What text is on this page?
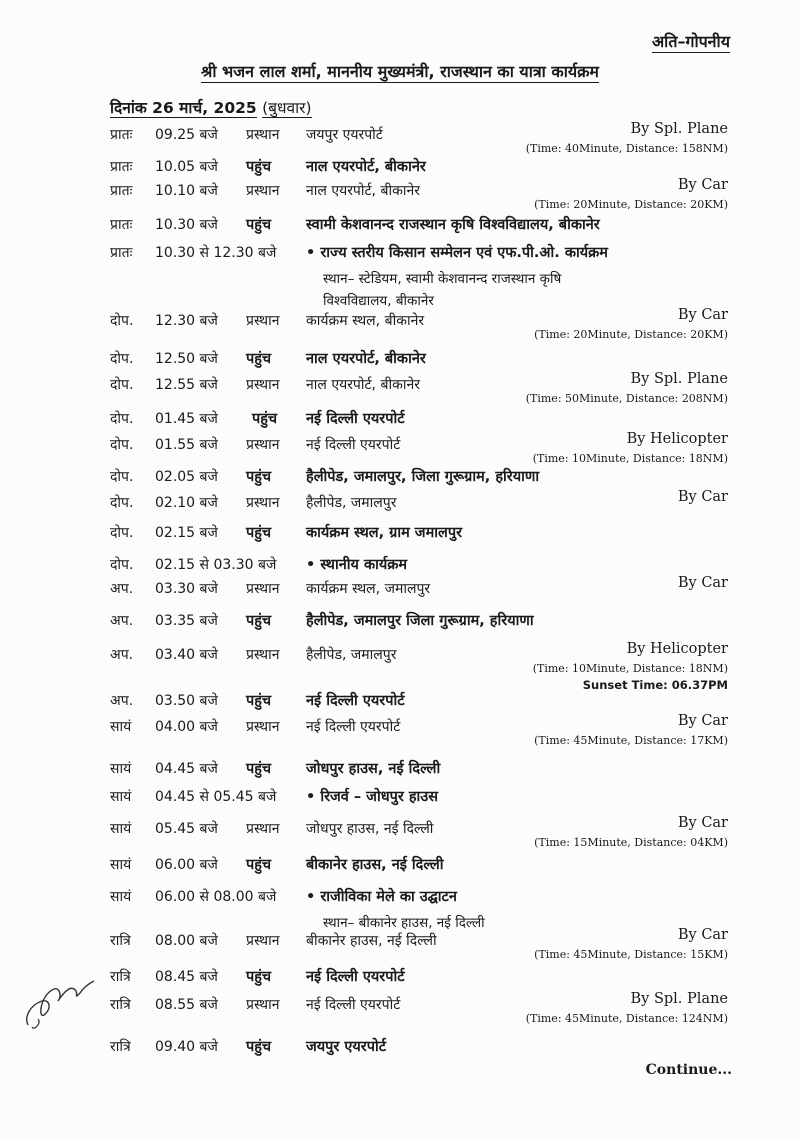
अति–गोपनीय
श्री भजन लाल शर्मा, माननीय मुख्यमंत्री, राजस्थान का यात्रा कार्यक्रम
दिनांक 26 मार्च, 2025 (बुधवार)
प्रातः 09.25 बजे प्रस्थान जयपुर एयरपोर्ट	By Spl. Plane
(Time: 40Minute, Distance: 158NM)
प्रातः 10.05 बजे पहुंच नाल एयरपोर्ट, बीकानेर
प्रातः 10.10 बजे प्रस्थान नाल एयरपोर्ट, बीकानेर	By Car
(Time: 20Minute, Distance: 20KM)
प्रातः 10.30 बजे पहुंच स्वामी केशवानन्द राजस्थान कृषि विश्वविद्यालय, बीकानेर
प्रातः 10.30 से 12.30 बजे	• राज्य स्तरीय किसान सम्मेलन एवं एफ.पी.ओ. कार्यक्रम
स्थान– स्टेडियम, स्वामी केशवानन्द राजस्थान कृषि
विश्वविद्यालय, बीकानेर
दोप. 12.30 बजे प्रस्थान कार्यक्रम स्थल, बीकानेर	By Car
(Time: 20Minute, Distance: 20KM)
दोप. 12.50 बजे पहुंच नाल एयरपोर्ट, बीकानेर
दोप. 12.55 बजे प्रस्थान नाल एयरपोर्ट, बीकानेर	By Spl. Plane
(Time: 50Minute, Distance: 208NM)
दोप. 01.45 बजे पहुंच नई दिल्ली एयरपोर्ट
दोप. 01.55 बजे प्रस्थान नई दिल्ली एयरपोर्ट	By Helicopter
(Time: 10Minute, Distance: 18NM)
दोप. 02.05 बजे पहुंच हैलीपेड, जमालपुर, जिला गुरूग्राम, हरियाणा
दोप. 02.10 बजे प्रस्थान हैलीपेड, जमालपुर	By Car
दोप. 02.15 बजे पहुंच कार्यक्रम स्थल, ग्राम जमालपुर
दोप. 02.15 से 03.30 बजे	• स्थानीय कार्यक्रम
अप. 03.30 बजे प्रस्थान कार्यक्रम स्थल, जमालपुर	By Car
अप. 03.35 बजे पहुंच हैलीपेड, जमालपुर जिला गुरूग्राम, हरियाणा
अप. 03.40 बजे प्रस्थान हैलीपेड, जमालपुर	By Helicopter
(Time: 10Minute, Distance: 18NM)
Sunset Time: 06.37PM
अप. 03.50 बजे पहुंच नई दिल्ली एयरपोर्ट
सायं 04.00 बजे प्रस्थान नई दिल्ली एयरपोर्ट	By Car
(Time: 45Minute, Distance: 17KM)
सायं 04.45 बजे पहुंच जोधपुर हाउस, नई दिल्ली
सायं 04.45 से 05.45 बजे	• रिजर्व – जोधपुर हाउस
सायं 05.45 बजे प्रस्थान जोधपुर हाउस, नई दिल्ली	By Car
(Time: 15Minute, Distance: 04KM)
सायं 06.00 बजे पहुंच बीकानेर हाउस, नई दिल्ली
सायं 06.00 से 08.00 बजे	• राजीविका मेले का उद्घाटन
स्थान– बीकानेर हाउस, नई दिल्ली
रात्रि 08.00 बजे प्रस्थान बीकानेर हाउस, नई दिल्ली	By Car
(Time: 45Minute, Distance: 15KM)
रात्रि 08.45 बजे पहुंच नई दिल्ली एयरपोर्ट
रात्रि 08.55 बजे प्रस्थान नई दिल्ली एयरपोर्ट	By Spl. Plane
(Time: 45Minute, Distance: 124NM)
रात्रि 09.40 बजे पहुंच जयपुर एयरपोर्ट
Continue...
